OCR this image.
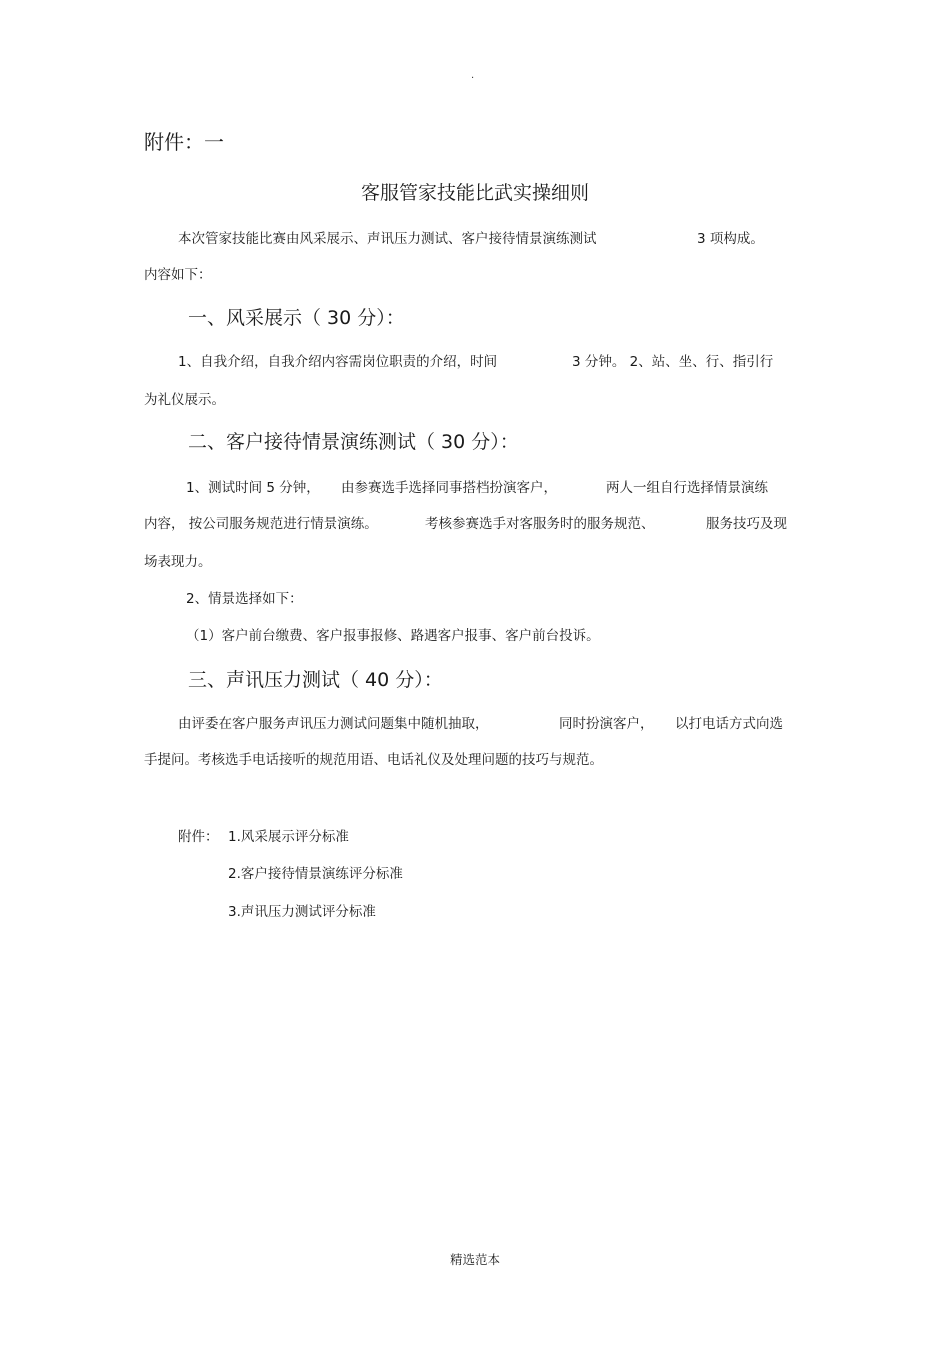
.
附件：一
客服管家技能比武实操细则
本次管家技能比赛由风采展示、声讯压力测试、客户接待情景演练测试	3 项构成。
内容如下：
一、风采展示（ 30 分）：
1、自我介绍，自我介绍内容需岗位职责的介绍，时间	3 分钟。 2、站、坐、行、指引行
为礼仪展示。
二、客户接待情景演练测试（ 30 分）：
1、测试时间 5 分钟， 由参赛选手选择同事搭档扮演客户，	两人一组自行选择情景演练
内容， 按公司服务规范进行情景演练。	考核参赛选手对客服务时的服务规范、	服务技巧及现
场表现力。
2、情景选择如下：
（1）客户前台缴费、客户报事报修、路遇客户报事、客户前台投诉。
三、声讯压力测试（ 40 分）：
由评委在客户服务声讯压力测试问题集中随机抽取，	同时扮演客户， 以打电话方式向选
手提问。考核选手电话接听的规范用语、电话礼仪及处理问题的技巧与规范。
附件： 1.风采展示评分标准
2.客户接待情景演练评分标准
3.声讯压力测试评分标准
精选范本
